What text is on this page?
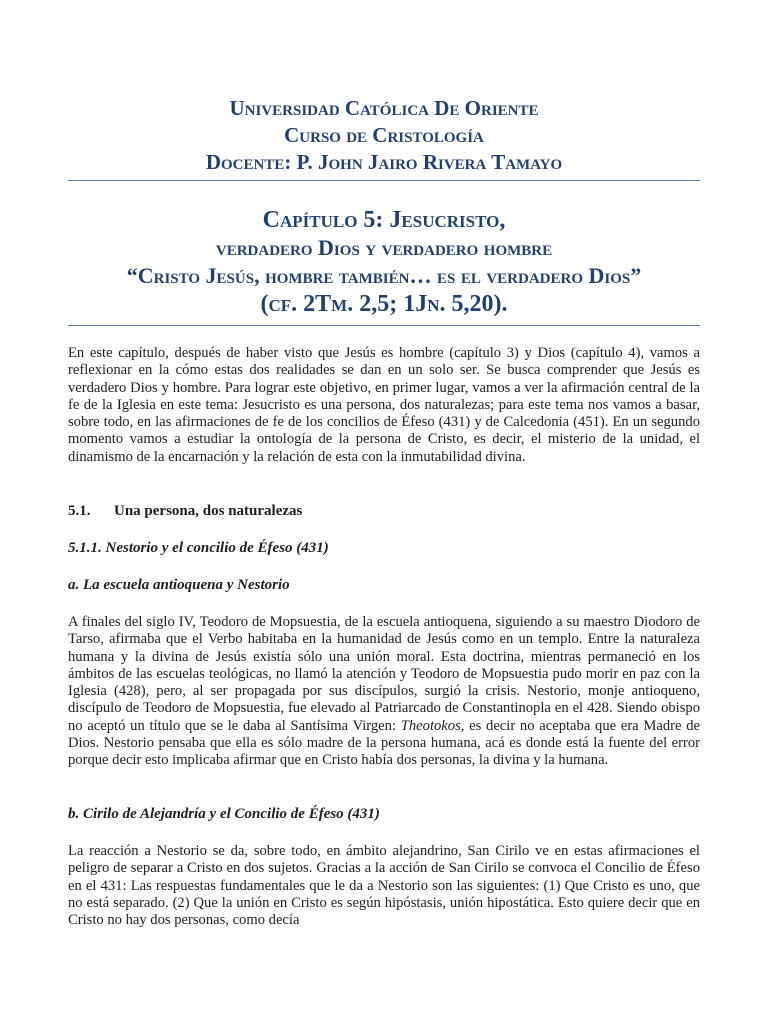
Universidad Católica De Oriente
Curso de Cristología
Docente: P. John Jairo Rivera Tamayo
Capítulo 5: Jesucristo,
verdadero Dios y verdadero hombre
“Cristo Jesús, hombre también… es el verdadero Dios”
(cf. 2Tm. 2,5; 1Jn. 5,20).
En este capítulo, después de haber visto que Jesús es hombre (capítulo 3) y Dios (capítulo 4), vamos a reflexionar en la cómo estas dos realidades se dan en un solo ser. Se busca comprender que Jesús es verdadero Dios y hombre. Para lograr este objetivo, en primer lugar, vamos a ver la afirmación central de la fe de la Iglesia en este tema: Jesucristo es una persona, dos naturalezas; para este tema nos vamos a basar, sobre todo, en las afirmaciones de fe de los concilios de Éfeso (431) y de Calcedonia (451). En un segundo momento vamos a estudiar la ontología de la persona de Cristo, es decir, el misterio de la unidad, el dinamismo de la encarnación y la relación de esta con la inmutabilidad divina.
5.1. Una persona, dos naturalezas
5.1.1. Nestorio y el concilio de Éfeso (431)
a. La escuela antioquena y Nestorio
A finales del siglo IV, Teodoro de Mopsuestia, de la escuela antioquena, siguiendo a su maestro Diodoro de Tarso, afirmaba que el Verbo habitaba en la humanidad de Jesús como en un templo. Entre la naturaleza humana y la divina de Jesús existía sólo una unión moral. Esta doctrina, mientras permaneció en los ámbitos de las escuelas teológicas, no llamó la atención y Teodoro de Mopsuestia pudo morir en paz con la Iglesia (428), pero, al ser propagada por sus discípulos, surgió la crisis. Nestorio, monje antioqueno, discípulo de Teodoro de Mopsuestia, fue elevado al Patriarcado de Constantinopla en el 428. Siendo obispo no aceptó un título que se le daba al Santísima Virgen: Theotokos, es decir no aceptaba que era Madre de Dios. Nestorio pensaba que ella es sólo madre de la persona humana, acá es donde está la fuente del error porque decir esto implicaba afirmar que en Cristo había dos personas, la divina y la humana.
b. Cirilo de Alejandría y el Concilio de Éfeso (431)
La reacción a Nestorio se da, sobre todo, en ámbito alejandrino, San Cirilo ve en estas afirmaciones el peligro de separar a Cristo en dos sujetos. Gracias a la acción de San Cirilo se convoca el Concilio de Éfeso en el 431: Las respuestas fundamentales que le da a Nestorio son las siguientes: (1) Que Cristo es uno, que no está separado. (2) Que la unión en Cristo es según hipóstasis, unión hipostática. Esto quiere decir que en Cristo no hay dos personas, como decía
